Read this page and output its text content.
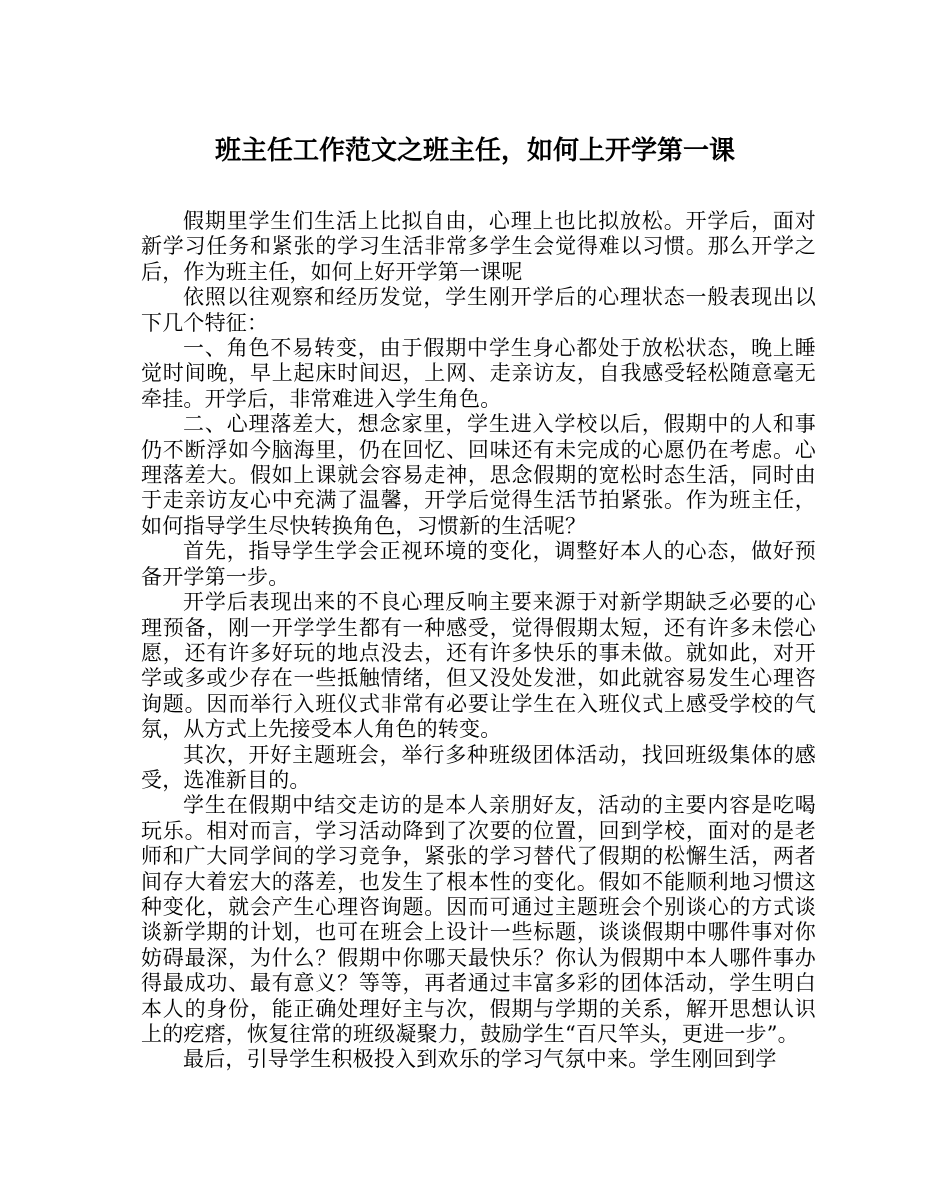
班主任工作范文之班主任，如何上开学第一课

假期里学生们生活上比拟自由，心理上也比拟放松。开学后，面对新学习任务和紧张的学习生活非常多学生会觉得难以习惯。那么开学之后，作为班主任，如何上好开学第一课呢

依照以往观察和经历发觉，学生刚开学后的心理状态一般表现出以下几个特征：

一、角色不易转变，由于假期中学生身心都处于放松状态，晚上睡觉时间晚，早上起床时间迟，上网、走亲访友，自我感受轻松随意毫无牵挂。开学后，非常难进入学生角色。

二、心理落差大，想念家里，学生进入学校以后，假期中的人和事仍不断浮如今脑海里，仍在回忆、回味还有未完成的心愿仍在考虑。心理落差大。假如上课就会容易走神，思念假期的宽松时态生活，同时由于走亲访友心中充满了温馨，开学后觉得生活节拍紧张。作为班主任，如何指导学生尽快转换角色，习惯新的生活呢？

首先，指导学生学会正视环境的变化，调整好本人的心态，做好预备开学第一步。

开学后表现出来的不良心理反响主要来源于对新学期缺乏必要的心理预备，刚一开学学生都有一种感受，觉得假期太短，还有许多未偿心愿，还有许多好玩的地点没去，还有许多快乐的事未做。就如此，对开学或多或少存在一些抵触情绪，但又没处发泄，如此就容易发生心理咨询题。因而举行入班仪式非常有必要让学生在入班仪式上感受学校的气氛，从方式上先接受本人角色的转变。

其次，开好主题班会，举行多种班级团体活动，找回班级集体的感受，选准新目的。

学生在假期中结交走访的是本人亲朋好友，活动的主要内容是吃喝玩乐。相对而言，学习活动降到了次要的位置，回到学校，面对的是老师和广大同学间的学习竞争，紧张的学习替代了假期的松懈生活，两者间存大着宏大的落差，也发生了根本性的变化。假如不能顺利地习惯这种变化，就会产生心理咨询题。因而可通过主题班会个别谈心的方式谈谈新学期的计划，也可在班会上设计一些标题，谈谈假期中哪件事对你妨碍最深，为什么？假期中你哪天最快乐？你认为假期中本人哪件事办得最成功、最有意义？等等，再者通过丰富多彩的团体活动，学生明白本人的身份，能正确处理好主与次，假期与学期的关系，解开思想认识上的疙瘩，恢复往常的班级凝聚力，鼓励学生“百尺竿头，更进一步”。

最后，引导学生积极投入到欢乐的学习气氛中来。学生刚回到学
